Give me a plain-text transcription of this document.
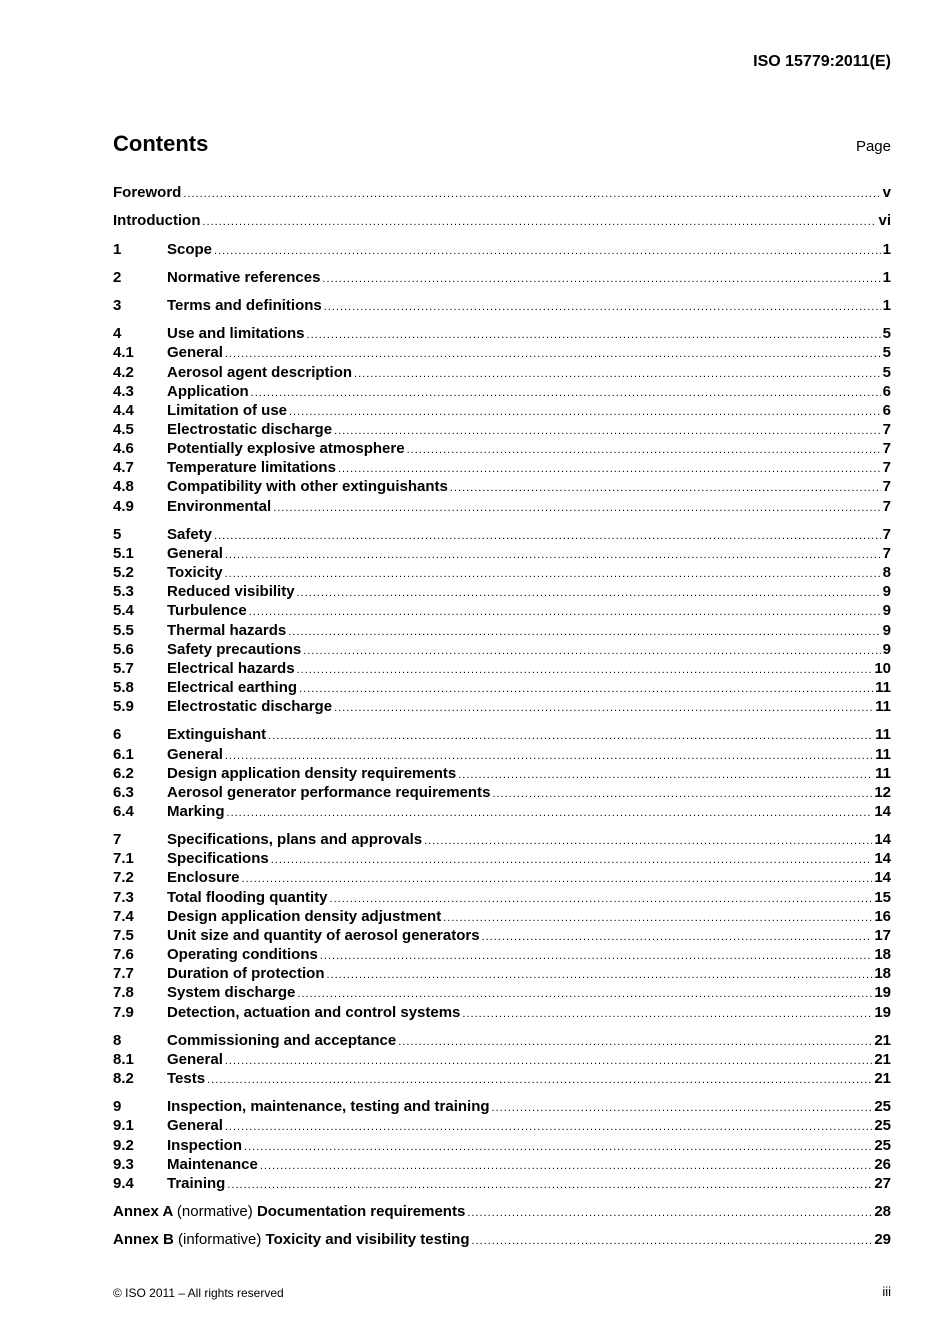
ISO 15779:2011(E)
Contents	Page
Foreword .....	v
Introduction .....	vi
1	Scope .....	1
2	Normative references .....	1
3	Terms and definitions .....	1
4	Use and limitations .....	5
4.1	General .....	5
4.2	Aerosol agent description .....	5
4.3	Application .....	6
4.4	Limitation of use .....	6
4.5	Electrostatic discharge .....	7
4.6	Potentially explosive atmosphere .....	7
4.7	Temperature limitations .....	7
4.8	Compatibility with other extinguishants .....	7
4.9	Environmental .....	7
5	Safety .....	7
5.1	General .....	7
5.2	Toxicity .....	8
5.3	Reduced visibility .....	9
5.4	Turbulence .....	9
5.5	Thermal hazards .....	9
5.6	Safety precautions .....	9
5.7	Electrical hazards .....	10
5.8	Electrical earthing .....	11
5.9	Electrostatic discharge .....	11
6	Extinguishant .....	11
6.1	General .....	11
6.2	Design application density requirements .....	11
6.3	Aerosol generator performance requirements .....	12
6.4	Marking .....	14
7	Specifications, plans and approvals .....	14
7.1	Specifications .....	14
7.2	Enclosure .....	14
7.3	Total flooding quantity .....	15
7.4	Design application density adjustment .....	16
7.5	Unit size and quantity of aerosol generators .....	17
7.6	Operating conditions .....	18
7.7	Duration of protection .....	18
7.8	System discharge .....	19
7.9	Detection, actuation and control systems .....	19
8	Commissioning and acceptance .....	21
8.1	General .....	21
8.2	Tests .....	21
9	Inspection, maintenance, testing and training .....	25
9.1	General .....	25
9.2	Inspection .....	25
9.3	Maintenance .....	26
9.4	Training .....	27
Annex A (normative) Documentation requirements .....	28
Annex B (informative) Toxicity and visibility testing .....	29
© ISO 2011 – All rights reserved	iii
